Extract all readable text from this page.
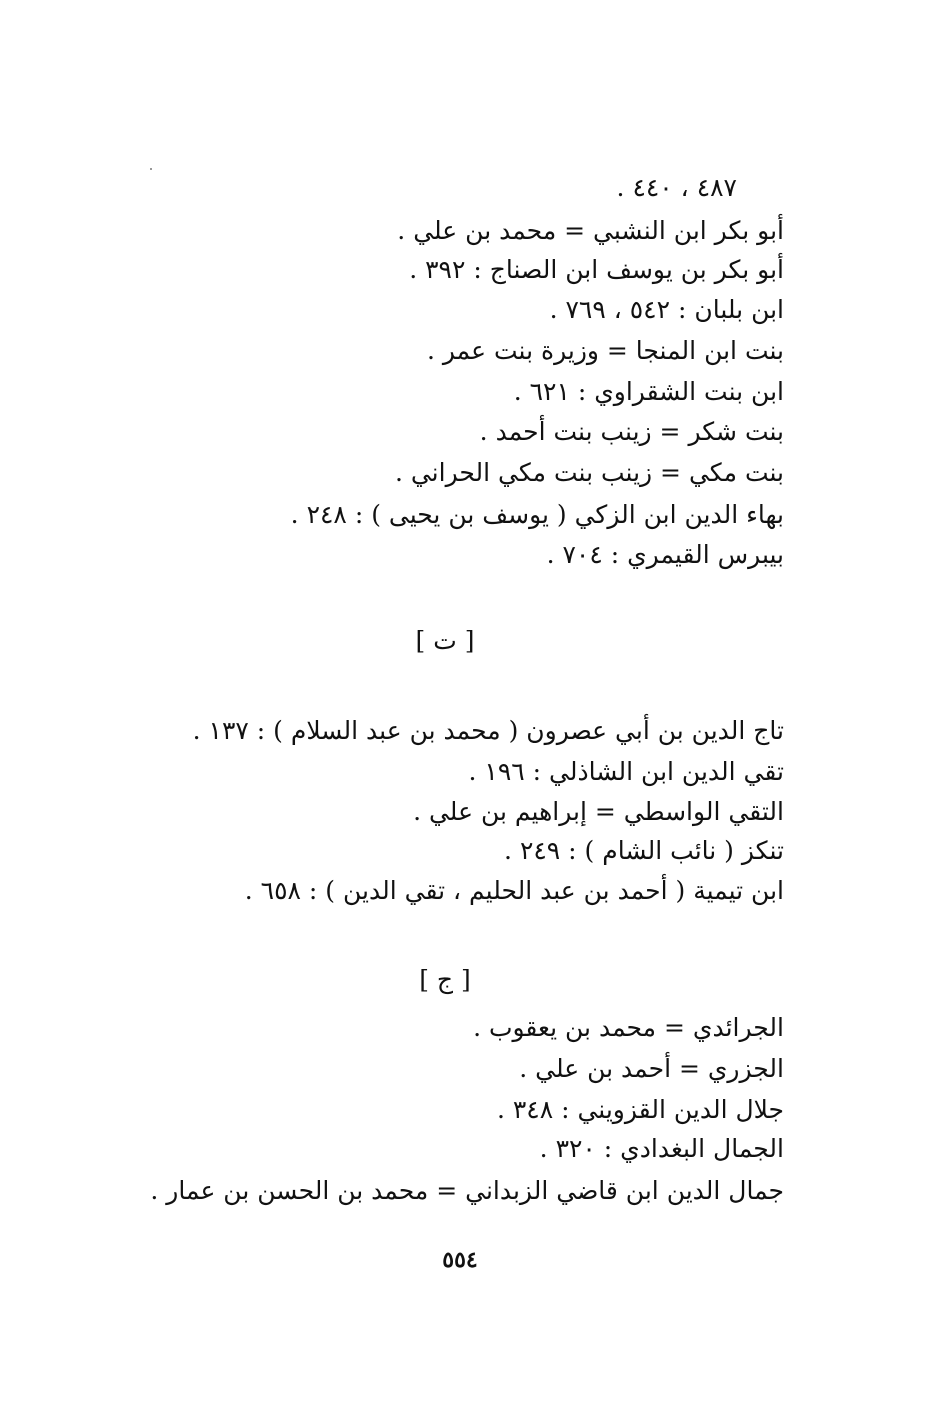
. ٤٨٧ ، ٤٤٠
أبو بكر ابن النشبي = محمد بن علي .
أبو بكر بن يوسف ابن الصناج : ٣٩٢ .
ابن بلبان : ٥٤٢ ، ٧٦٩ .
بنت ابن المنجا = وزيرة بنت عمر .
ابن بنت الشقراوي : ٦٢١ .
بنت شكر = زينب بنت أحمد .
بنت مكي = زينب بنت مكي الحراني .
بهاء الدين ابن الزكي ( يوسف بن يحيى ) : ٢٤٨ .
بيبرس القيمري : ٧٠٤ .
[ ت ]
تاج الدين بن أبي عصرون ( محمد بن عبد السلام ) : ١٣٧ .
تقي الدين ابن الشاذلي : ١٩٦ .
التقي الواسطي = إبراهيم بن علي .
تنكز ( نائب الشام ) : ٢٤٩ .
ابن تيمية ( أحمد بن عبد الحليم ، تقي الدين ) : ٦٥٨ .
[ ج ]
الجرائدي = محمد بن يعقوب .
الجزري = أحمد بن علي .
جلال الدين القزويني : ٣٤٨ .
الجمال البغدادي : ٣٢٠ .
جمال الدين ابن قاضي الزبداني = محمد بن الحسن بن عمار .
٥٥٤
